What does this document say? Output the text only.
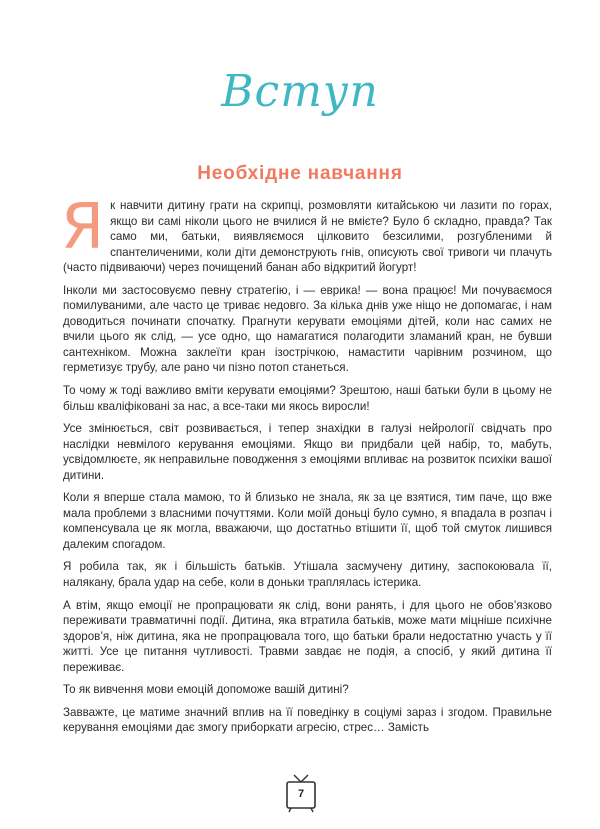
Вступ
Необхідне навчання

Як навчити дитину грати на скрипці, розмовляти китайською чи лазити по горах, якщо ви самі ніколи цього не вчилися й не вмієте? Було б складно, правда? Так само ми, батьки, виявляємося цілковито безсилими, розгубленими й спантеличеними, коли діти демонструють гнів, описують свої тривоги чи плачуть (часто підвиваючи) через почищений банан або відкритий йогурт!

Інколи ми застосовуємо певну стратегію, і — еврика! — вона працює! Ми почуваємося помилуваними, але часто це триває недовго. За кілька днів уже ніщо не допомагає, і нам доводиться починати спочатку. Прагнути керувати емоціями дітей, коли нас самих не вчили цього як слід, — усе одно, що намагатися полагодити зламаний кран, не бувши сантехніком. Можна заклеїти кран ізострічкою, намастити чарівним розчином, що герметизує трубу, але рано чи пізно потоп станеться.

То чому ж тоді важливо вміти керувати емоціями? Зрештою, наші батьки були в цьому не більш кваліфіковані за нас, а все-таки ми якось виросли!

Усе змінюється, світ розвивається, і тепер знахідки в галузі нейрології свідчать про наслідки невмілого керування емоціями. Якщо ви придбали цей набір, то, мабуть, усвідомлюєте, як неправильне поводження з емоціями впливає на розвиток психіки вашої дитини.

Коли я вперше стала мамою, то й близько не знала, як за це взятися, тим паче, що вже мала проблеми з власними почуттями. Коли моїй доньці було сумно, я впадала в розпач і компенсувала це як могла, вважаючи, що достатньо втішити її, щоб той смуток лишився далеким спогадом.

Я робила так, як і більшість батьків. Утішала засмучену дитину, заспокоювала її, налякану, брала удар на себе, коли в доньки траплялась істерика.

А втім, якщо емоції не пропрацювати як слід, вони ранять, і для цього не обов’язково переживати травматичні події. Дитина, яка втратила батьків, може мати міцніше психічне здоров’я, ніж дитина, яка не пропрацювала того, що батьки брали недостатню участь у її житті. Усе це питання чутливості. Травми завдає не подія, а спосіб, у який дитина її переживає.

То як вивчення мови емоцій допоможе вашій дитині?

Завважте, це матиме значний вплив на її поведінку в соціумі зараз і згодом. Правильне керування емоціями дає змогу приборкати агресію, стрес… Замість

7
